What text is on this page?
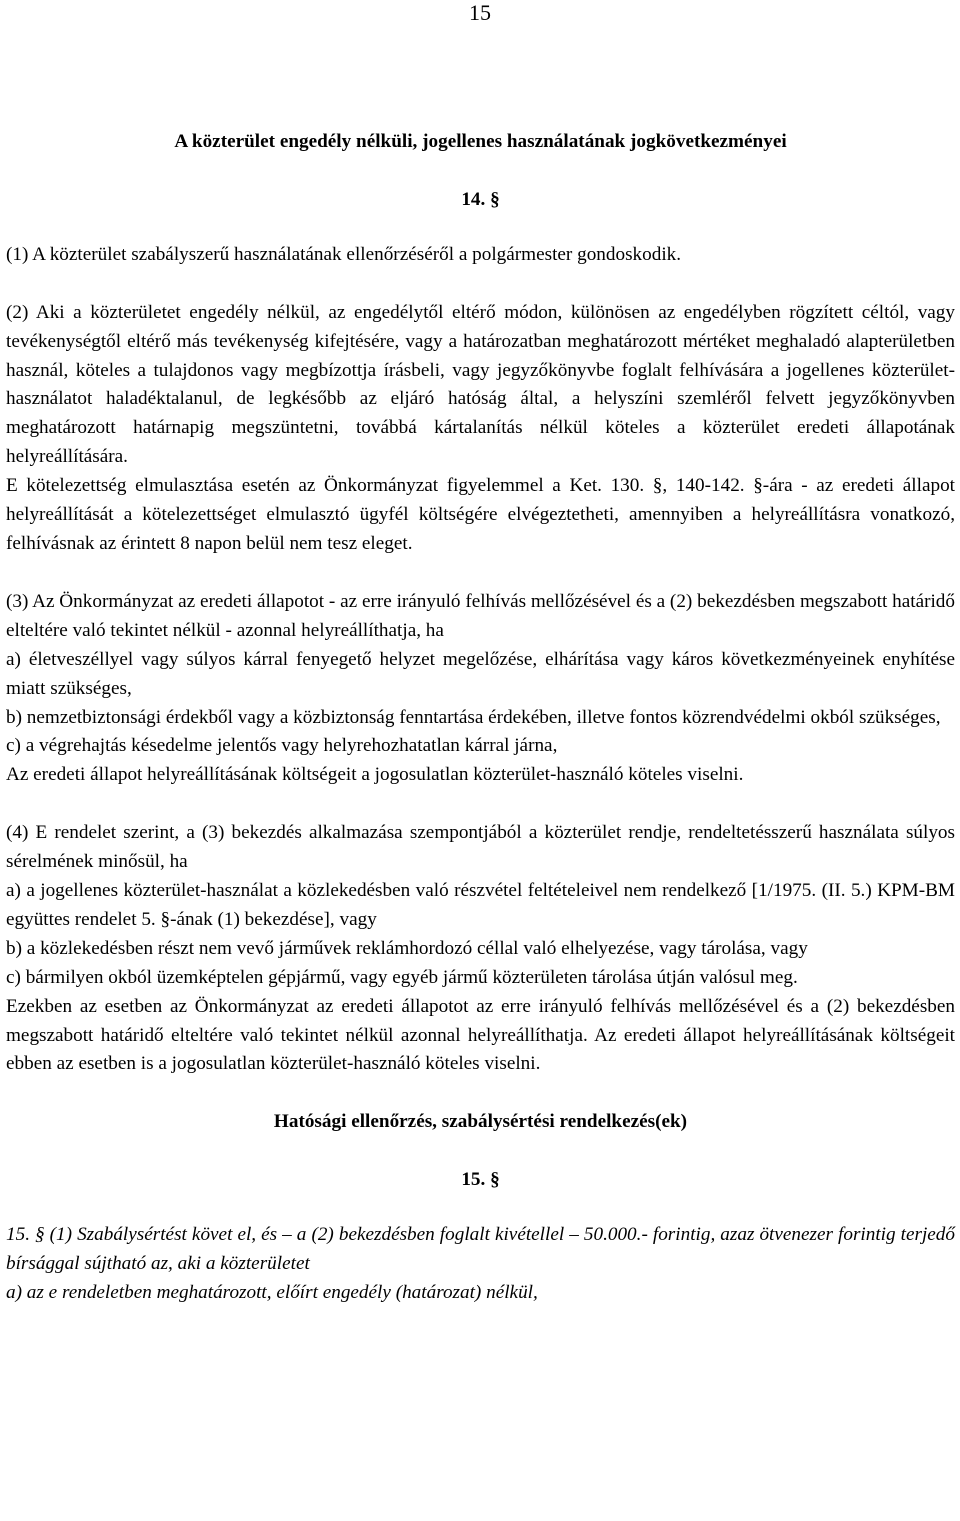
15

A közterület engedély nélküli, jogellenes használatának jogkövetkezményei

14. §

(1) A közterület szabályszerű használatának ellenőrzéséről a polgármester gondoskodik.

(2) Aki a közterületet engedély nélkül, az engedélytől eltérő módon, különösen az engedélyben rögzített céltól, vagy tevékenységtől eltérő más tevékenység kifejtésére, vagy a határozatban meghatározott mértéket meghaladó alapterületben használ, köteles a tulajdonos vagy megbízottja írásbeli, vagy jegyzőkönyvbe foglalt felhívására a jogellenes közterület-használatot haladéktalanul, de legkésőbb az eljáró hatóság által, a helyszíni szemléről felvett jegyzőkönyvben meghatározott határnapig megszüntetni, továbbá kártalanítás nélkül köteles a közterület eredeti állapotának helyreállítására.

E kötelezettség elmulasztása esetén az Önkormányzat figyelemmel a Ket. 130. §, 140-142. §-ára - az eredeti állapot helyreállítását a kötelezettséget elmulasztó ügyfél költségére elvégeztetheti, amennyiben a helyreállításra vonatkozó, felhívásnak az érintett 8 napon belül nem tesz eleget.

(3) Az Önkormányzat az eredeti állapotot - az erre irányuló felhívás mellőzésével és a (2) bekezdésben megszabott határidő elteltére való tekintet nélkül - azonnal helyreállíthatja, ha

a) életveszéllyel vagy súlyos kárral fenyegető helyzet megelőzése, elhárítása vagy káros következményeinek enyhítése miatt szükséges,

b) nemzetbiztonsági érdekből vagy a közbiztonság fenntartása érdekében, illetve fontos közrendvédelmi okból szükséges,

c) a végrehajtás késedelme jelentős vagy helyrehozhatatlan kárral járna,

Az eredeti állapot helyreállításának költségeit a jogosulatlan közterület-használó köteles viselni.

(4) E rendelet szerint, a (3) bekezdés alkalmazása szempontjából a közterület rendje, rendeltetésszerű használata súlyos sérelmének minősül, ha

a) a jogellenes közterület-használat a közlekedésben való részvétel feltételeivel nem rendelkező [1/1975. (II. 5.) KPM-BM együttes rendelet 5. §-ának (1) bekezdése], vagy

b) a közlekedésben részt nem vevő járművek reklámhordozó céllal való elhelyezése, vagy tárolása, vagy

c) bármilyen okból üzemképtelen gépjármű, vagy egyéb jármű közterületen tárolása útján valósul meg.

Ezekben az esetben az Önkormányzat az eredeti állapotot az erre irányuló felhívás mellőzésével és a (2) bekezdésben megszabott határidő elteltére való tekintet nélkül azonnal helyreállíthatja. Az eredeti állapot helyreállításának költségeit ebben az esetben is a jogosulatlan közterület-használó köteles viselni.

Hatósági ellenőrzés, szabálysértési rendelkezés(ek)

15. §

15. § (1) Szabálysértést követ el, és – a (2) bekezdésben foglalt kivétellel – 50.000.- forintig, azaz ötvenezer forintig terjedő bírsággal sújtható az, aki a közterületet

a) az e rendeletben meghatározott, előírt engedély (határozat) nélkül,
